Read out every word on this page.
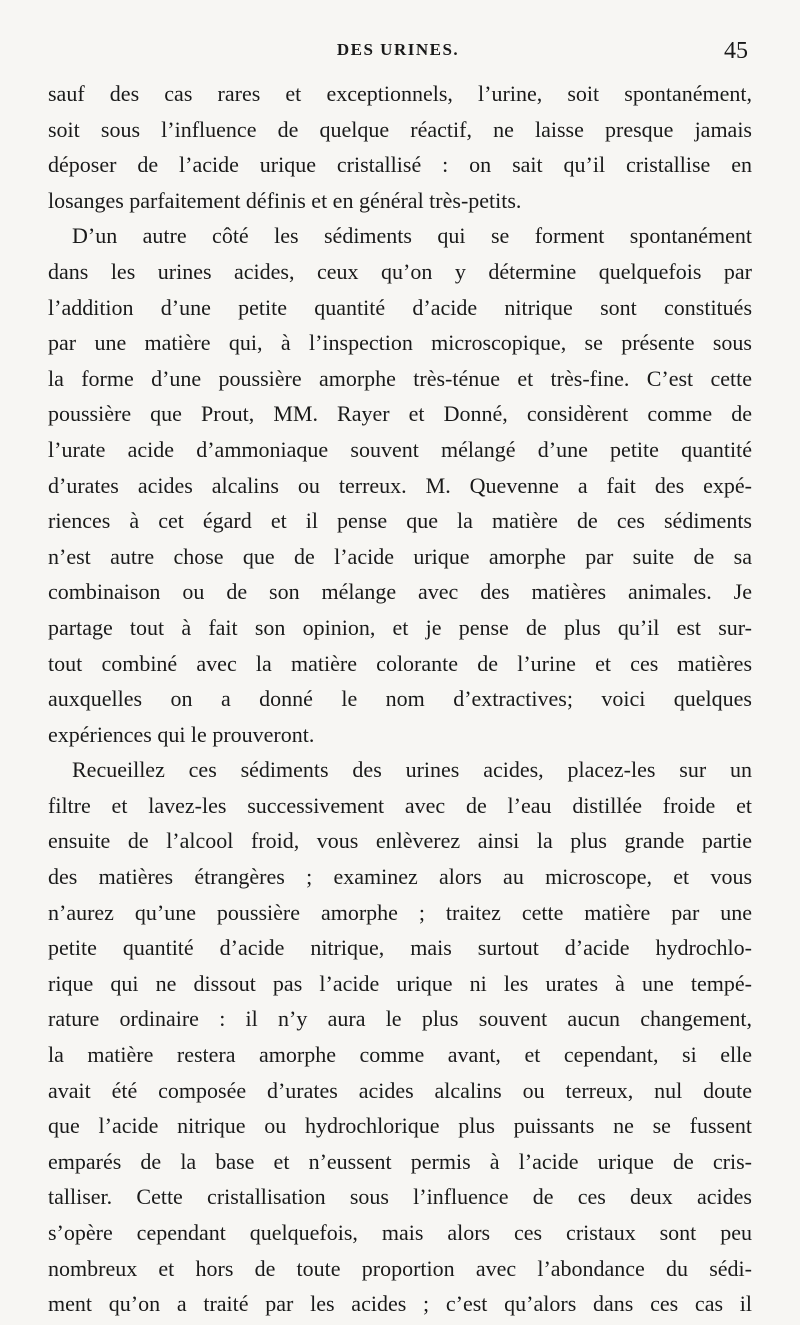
DES URINES.	45
sauf des cas rares et exceptionnels, l’urine, soit spontanément,
soit sous l’influence de quelque réactif, ne laisse presque jamais
déposer de l’acide urique cristallisé : on sait qu’il cristallise en
losanges parfaitement définis et en général très-petits.
D’un autre côté les sédiments qui se forment spontanément
dans les urines acides, ceux qu’on y détermine quelquefois par
l’addition d’une petite quantité d’acide nitrique sont constitués
par une matière qui, à l’inspection microscopique, se présente sous
la forme d’une poussière amorphe très-ténue et très-fine. C’est cette
poussière que Prout, MM. Rayer et Donné, considèrent comme de
l’urate acide d’ammoniaque souvent mélangé d’une petite quantité
d’urates acides alcalins ou terreux. M. Quevenne a fait des expé-
riences à cet égard et il pense que la matière de ces sédiments
n’est autre chose que de l’acide urique amorphe par suite de sa
combinaison ou de son mélange avec des matières animales. Je
partage tout à fait son opinion, et je pense de plus qu’il est sur-
tout combiné avec la matière colorante de l’urine et ces matières
auxquelles on a donné le nom d’extractives; voici quelques
expériences qui le prouveront.
Recueillez ces sédiments des urines acides, placez-les sur un
filtre et lavez-les successivement avec de l’eau distillée froide et
ensuite de l’alcool froid, vous enlèverez ainsi la plus grande partie
des matières étrangères ; examinez alors au microscope, et vous
n’aurez qu’une poussière amorphe ; traitez cette matière par une
petite quantité d’acide nitrique, mais surtout d’acide hydrochlo-
rique qui ne dissout pas l’acide urique ni les urates à une tempé-
rature ordinaire : il n’y aura le plus souvent aucun changement,
la matière restera amorphe comme avant, et cependant, si elle
avait été composée d’urates acides alcalins ou terreux, nul doute
que l’acide nitrique ou hydrochlorique plus puissants ne se fussent
emparés de la base et n’eussent permis à l’acide urique de cris-
talliser. Cette cristallisation sous l’influence de ces deux acides
s’opère cependant quelquefois, mais alors ces cristaux sont peu
nombreux et hors de toute proportion avec l’abondance du sédi-
ment qu’on a traité par les acides ; c’est qu’alors dans ces cas il
